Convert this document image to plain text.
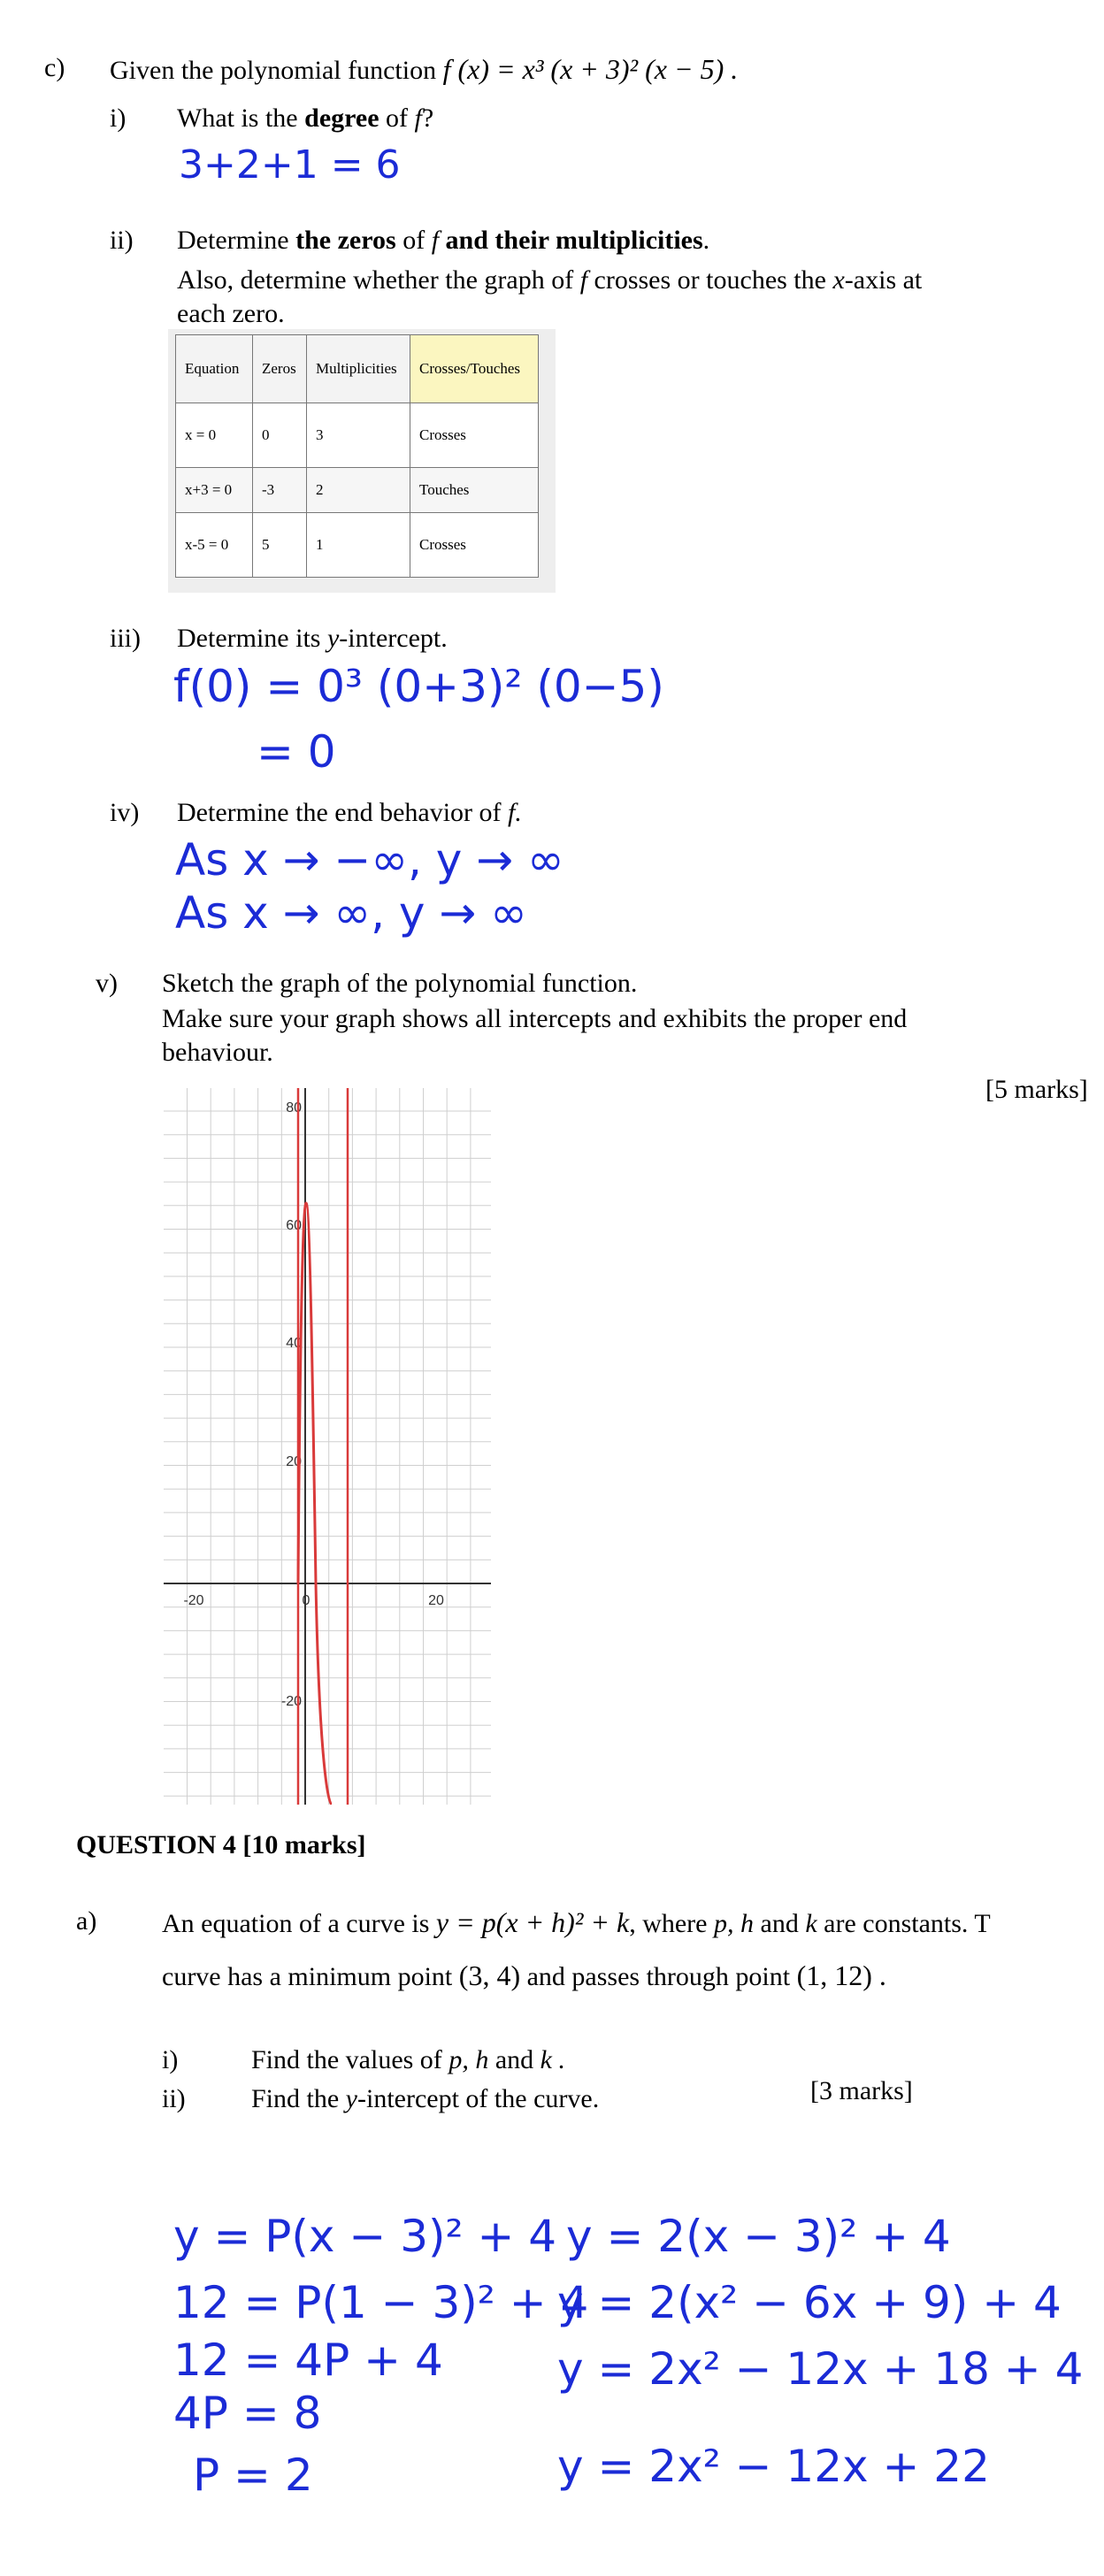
c) Given the polynomial function f (x) = x³ (x + 3)² (x − 5) .
i) What is the degree of f?
3+2+1 = 6
ii) Determine the zeros of f and their multiplicities.
Also, determine whether the graph of f crosses or touches the x-axis at
each zero.
Equation	Zeros	Multiplicities	Crosses/Touches
x = 0	0	3	Crosses
x+3 = 0	-3	2	Touches
x-5 = 0	5	1	Crosses
iii) Determine its y-intercept.
f(0) = 0³ (0+3)² (0−5)
= 0
iv) Determine the end behavior of f.
As x → −∞, y → ∞
As x → ∞, y → ∞
v) Sketch the graph of the polynomial function.
Make sure your graph shows all intercepts and exhibits the proper end
behaviour.
[5 marks]
-20	0	20
80
60
40
20
-20
QUESTION 4 [10 marks]
a) An equation of a curve is y = p(x + h)² + k, where p, h and k are constants. T
curve has a minimum point (3, 4) and passes through point (1, 12) .
i)	Find the values of p, h and k .
ii) Find the y-intercept of the curve.	[3 marks]
y = P(x − 3)² + 4
12 = P(1 − 3)² + 4
12 = 4P + 4
4P = 8
P = 2
y = 2(x − 3)² + 4
y = 2(x² − 6x + 9) + 4
y = 2x² − 12x + 18 + 4
y = 2x² − 12x + 22
